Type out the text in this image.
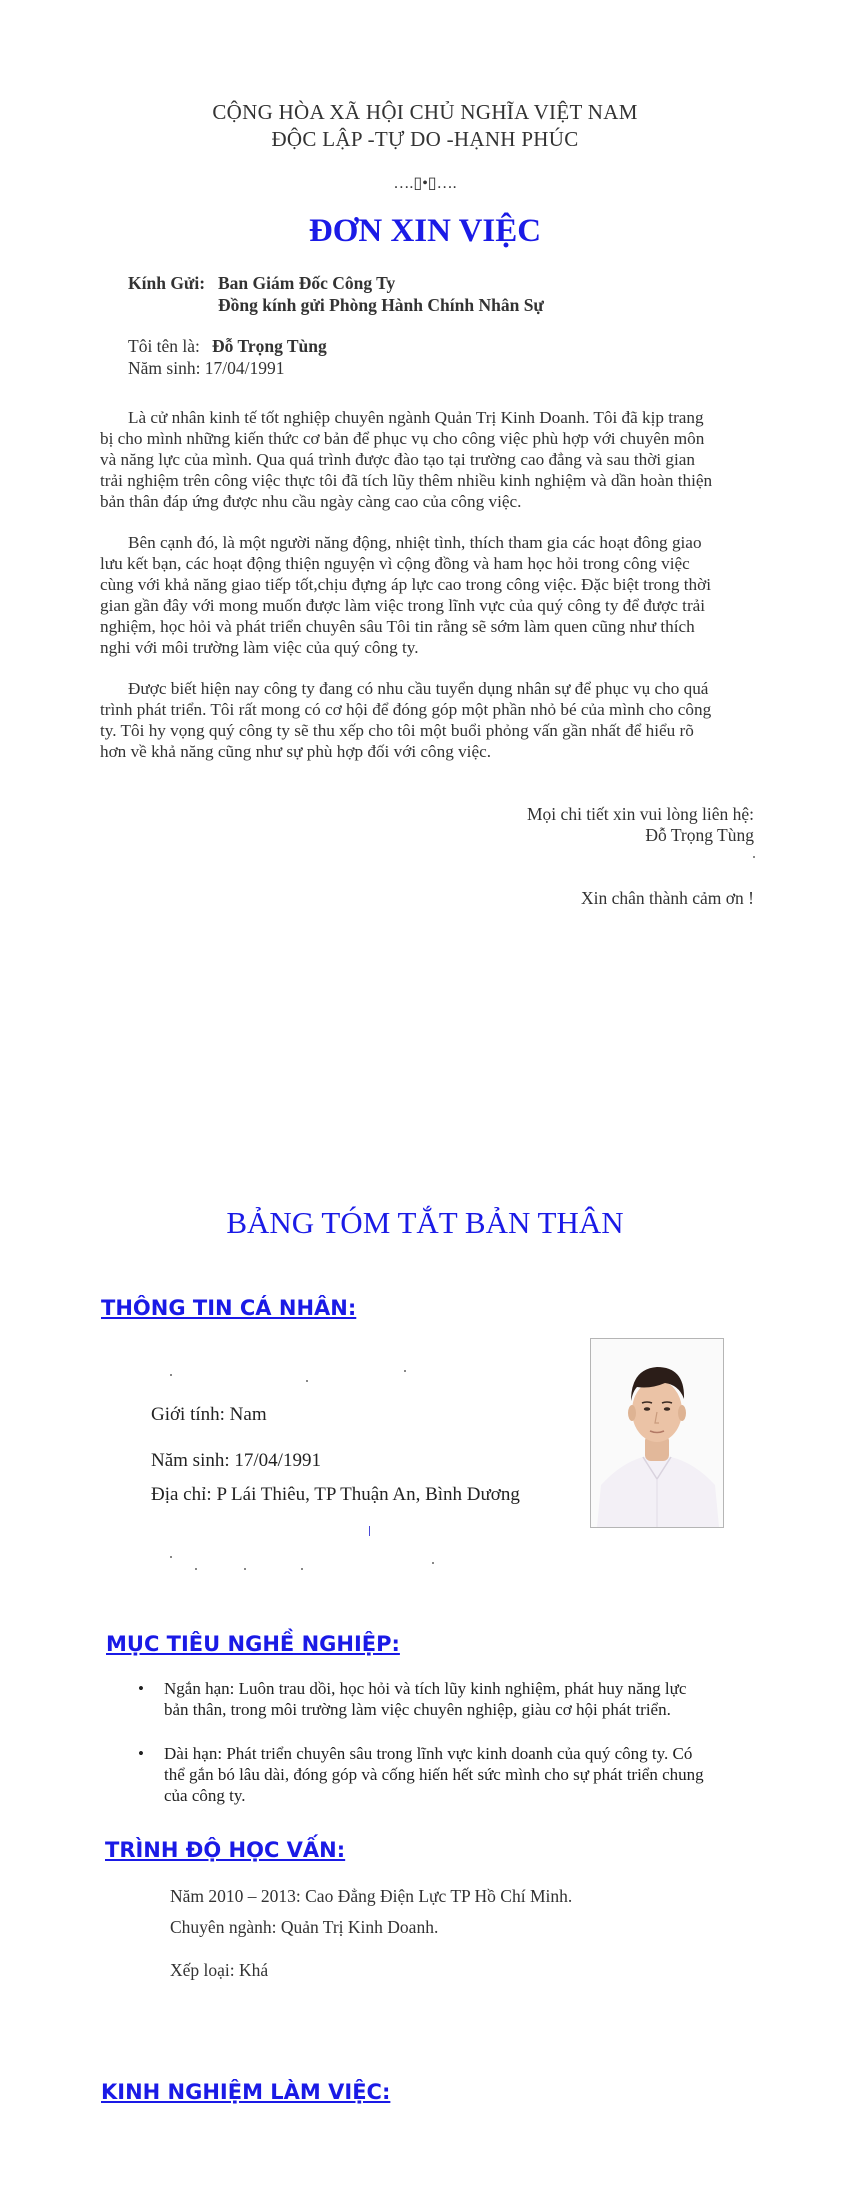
CỘNG HÒA XÃ HỘI CHỦ NGHĨA VIỆT NAM
ĐỘC LẬP -TỰ DO -HẠNH PHÚC
….▯•▯….
ĐƠN XIN VIỆC
Kính Gửi: Ban Giám Đốc Công Ty
Đồng kính gửi Phòng Hành Chính Nhân Sự
Tôi tên là: Đỗ Trọng Tùng
Năm sinh: 17/04/1991
Là cử nhân kinh tế tốt nghiệp chuyên ngành Quản Trị Kinh Doanh. Tôi đã kịp trang
bị cho mình những kiến thức cơ bản để phục vụ cho công việc phù hợp với chuyên môn
và năng lực của mình. Qua quá trình được đào tạo tại trường cao đẳng và sau thời gian
trải nghiệm trên công việc thực tôi đã tích lũy thêm nhiều kinh nghiệm và dần hoàn thiện
bản thân đáp ứng được nhu cầu ngày càng cao của công việc.
Bên cạnh đó, là một người năng động, nhiệt tình, thích tham gia các hoạt đông giao
lưu kết bạn, các hoạt động thiện nguyện vì cộng đồng và ham học hỏi trong công việc
cùng với khả năng giao tiếp tốt,chịu đựng áp lực cao trong công việc. Đặc biệt trong thời
gian gần đây với mong muốn được làm việc trong lĩnh vực của quý công ty để được trải
nghiệm, học hỏi và phát triển chuyên sâu Tôi tin rằng sẽ sớm làm quen cũng như thích
nghi với môi trường làm việc của quý công ty.
Được biết hiện nay công ty đang có nhu cầu tuyển dụng nhân sự để phục vụ cho quá
trình phát triển. Tôi rất mong có cơ hội để đóng góp một phần nhỏ bé của mình cho công
ty. Tôi hy vọng quý công ty sẽ thu xếp cho tôi một buổi phỏng vấn gần nhất để hiểu rõ
hơn về khả năng cũng như sự phù hợp đối với công việc.
Mọi chi tiết xin vui lòng liên hệ:
Đỗ Trọng Tùng
Xin chân thành cảm ơn !
BẢNG TÓM TẮT BẢN THÂN
THÔNG TIN CÁ NHÂN:
Giới tính: Nam
Năm sinh: 17/04/1991
Địa chỉ: P Lái Thiêu, TP Thuận An, Bình Dương
MỤC TIÊU NGHỀ NGHIỆP:
• Ngắn hạn: Luôn trau dồi, học hỏi và tích lũy kinh nghiệm, phát huy năng lực
bản thân, trong môi trường làm việc chuyên nghiệp, giàu cơ hội phát triển.
• Dài hạn: Phát triển chuyên sâu trong lĩnh vực kinh doanh của quý công ty. Có
thể gắn bó lâu dài, đóng góp và cống hiến hết sức mình cho sự phát triển chung
của công ty.
TRÌNH ĐỘ HỌC VẤN:
Năm 2010 – 2013: Cao Đẳng Điện Lực TP Hồ Chí Minh.
Chuyên ngành: Quản Trị Kinh Doanh.
Xếp loại: Khá
KINH NGHIỆM LÀM VIỆC:
